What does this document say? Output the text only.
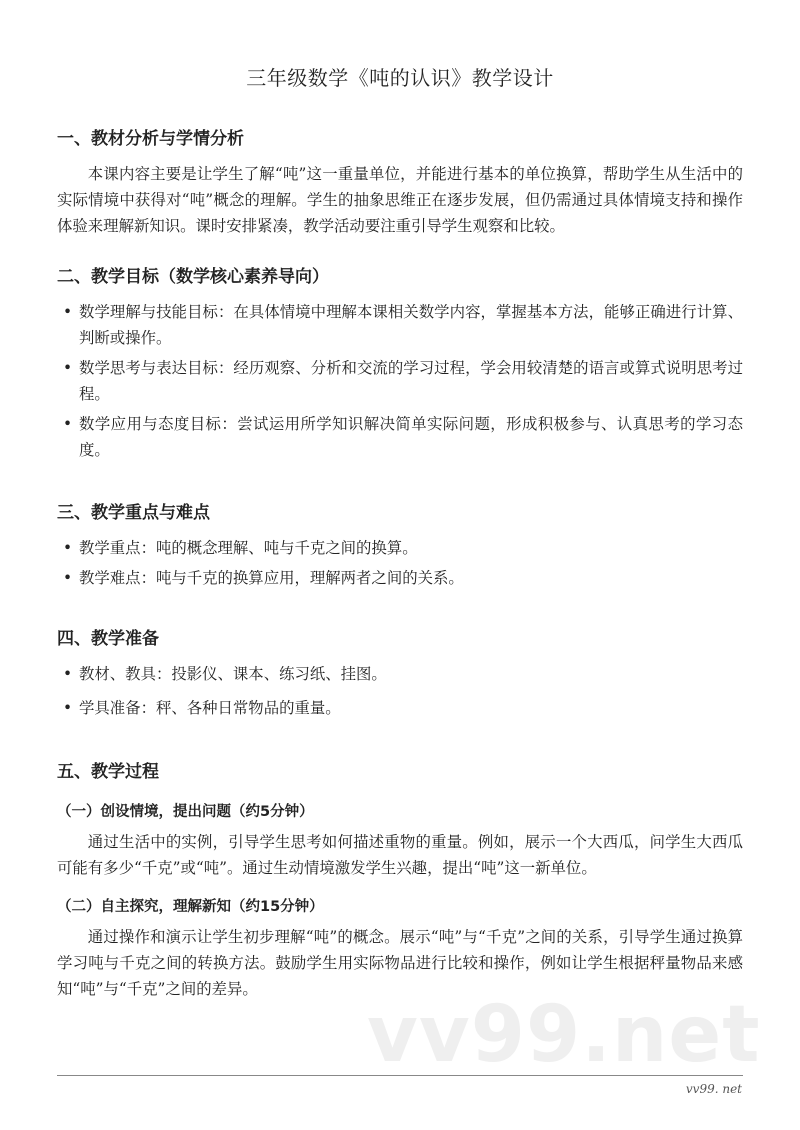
三年级数学《吨的认识》教学设计
一、教材分析与学情分析

本课内容主要是让学生了解“吨”这一重量单位，并能进行基本的单位换算，帮助学生从生活中的实际情境中获得对“吨”概念的理解。学生的抽象思维正在逐步发展，但仍需通过具体情境支持和操作体验来理解新知识。课时安排紧凑，教学活动要注重引导学生观察和比较。

二、教学目标（数学核心素养导向）
• 数学理解与技能目标：在具体情境中理解本课相关数学内容，掌握基本方法，能够正确进行计算、判断或操作。
• 数学思考与表达目标：经历观察、分析和交流的学习过程，学会用较清楚的语言或算式说明思考过程。
• 数学应用与态度目标：尝试运用所学知识解决简单实际问题，形成积极参与、认真思考的学习态度。
三、教学重点与难点
• 教学重点：吨的概念理解、吨与千克之间的换算。
• 教学难点：吨与千克的换算应用，理解两者之间的关系。
四、教学准备
• 教材、教具：投影仪、课本、练习纸、挂图。
• 学具准备：秤、各种日常物品的重量。
五、教学过程
（一）创设情境，提出问题（约5分钟）

通过生活中的实例，引导学生思考如何描述重物的重量。例如，展示一个大西瓜，问学生大西瓜可能有多少“千克”或“吨”。通过生动情境激发学生兴趣，提出“吨”这一新单位。

（二）自主探究，理解新知（约15分钟）

通过操作和演示让学生初步理解“吨”的概念。展示“吨”与“千克”之间的关系，引导学生通过换算学习吨与千克之间的转换方法。鼓励学生用实际物品进行比较和操作，例如让学生根据秤量物品来感知“吨”与“千克”之间的差异。

vv99.net
vv99. net
